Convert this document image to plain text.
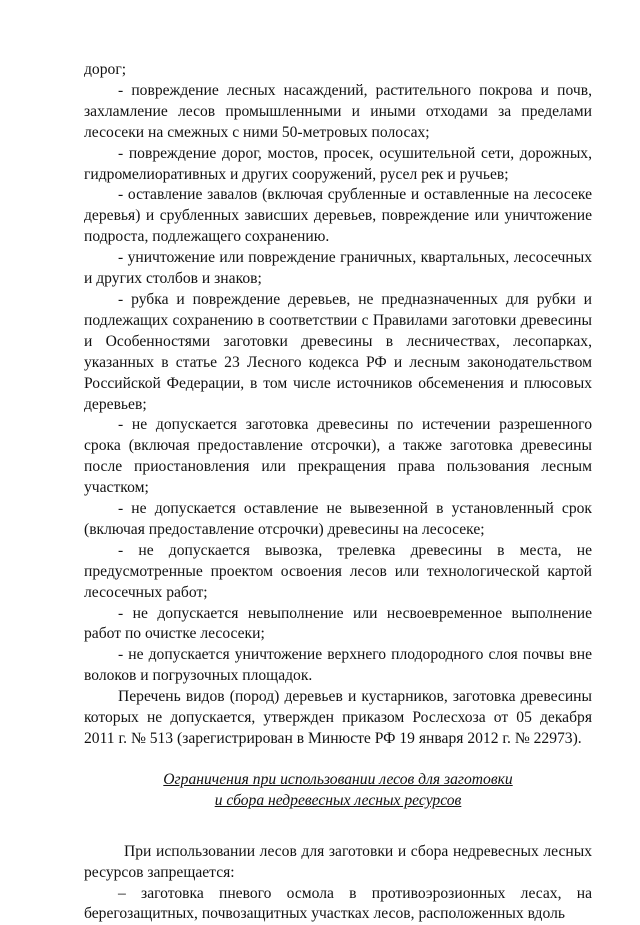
дорог;

- повреждение лесных насаждений, растительного покрова и почв, захламление лесов промышленными и иными отходами за пределами лесосеки на смежных с ними 50-метровых полосах;

- повреждение дорог, мостов, просек, осушительной сети, дорожных, гидромелиоративных и других сооружений, русел рек и ручьев;

- оставление завалов (включая срубленные и оставленные на лесосеке деревья) и срубленных зависших деревьев, повреждение или уничтожение подроста, подлежащего сохранению.

- уничтожение или повреждение граничных, квартальных, лесосечных и других столбов и знаков;

- рубка и повреждение деревьев, не предназначенных для рубки и подлежащих сохранению в соответствии с Правилами заготовки древесины и Особенностями заготовки древесины в лесничествах, лесопарках, указанных в статье 23 Лесного кодекса РФ и лесным законодательством Российской Федерации, в том числе источников обсеменения и плюсовых деревьев;

- не допускается заготовка древесины по истечении разрешенного срока (включая предоставление отсрочки), а также заготовка древесины после приостановления или прекращения права пользования лесным участком;

- не допускается оставление не вывезенной в установленный срок (включая предоставление отсрочки) древесины на лесосеке;

- не допускается вывозка, трелевка древесины в места, не предусмотренные проектом освоения лесов или технологической картой лесосечных работ;

- не допускается невыполнение или несвоевременное выполнение работ по очистке лесосеки;

- не допускается уничтожение верхнего плодородного слоя почвы вне волоков и погрузочных площадок.

Перечень видов (пород) деревьев и кустарников, заготовка древесины которых не допускается, утвержден приказом Рослесхоза от 05 декабря 2011 г. № 513 (зарегистрирован в Минюсте РФ 19 января 2012 г. № 22973).

Ограничения при использовании лесов для заготовки
и сбора недревесных лесных ресурсов

При использовании лесов для заготовки и сбора недревесных лесных ресурсов запрещается:

– заготовка пневого осмола в противоэрозионных лесах, на берегозащитных, почвозащитных участках лесов, расположенных вдоль
